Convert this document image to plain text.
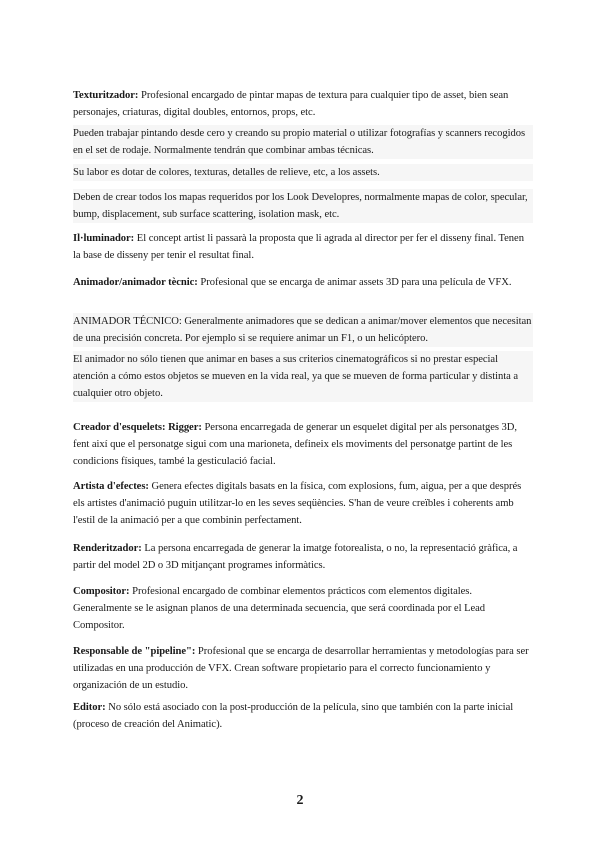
Texturitzador: Profesional encargado de pintar mapas de textura para cualquier tipo de asset, bien sean personajes, criaturas, digital doubles, entornos, props, etc.

Pueden trabajar pintando desde cero y creando su propio material o utilizar fotografías y scanners recogidos en el set de rodaje. Normalmente tendrán que combinar ambas técnicas.

Su labor es dotar de colores, texturas, detalles de relieve, etc, a los assets.

Deben de crear todos los mapas requeridos por los Look Developres, normalmente mapas de color, specular, bump, displacement, sub surface scattering, isolation mask, etc.

Il·luminador: El concept artist li passarà la proposta que li agrada al director per fer el disseny final. Tenen la base de disseny per tenir el resultat final.

Animador/animador tècnic: Profesional que se encarga de animar assets 3D para una película de VFX.

ANIMADOR TÉCNICO: Generalmente animadores que se dedican a animar/mover elementos que necesitan de una precisión concreta. Por ejemplo si se requiere animar un F1, o un helicóptero.

El animador no sólo tienen que animar en bases a sus criterios cinematográficos si no prestar especial atención a cómo estos objetos se mueven en la vida real, ya que se mueven de forma particular y distinta a cualquier otro objeto.

Creador d'esquelets: Rigger: Persona encarregada de generar un esquelet digital per als personatges 3D, fent així que el personatge sigui com una marioneta, defineix els moviments del personatge partint de les condicions físiques, també la gesticulació facial.

Artista d'efectes: Genera efectes digitals basats en la física, com explosions, fum, aigua, per a que després els artistes d'animació puguin utilitzar-lo en les seves seqüències. S'han de veure creïbles i coherents amb l'estil de la animació per a que combinin perfectament.

Renderitzador: La persona encarregada de generar la imatge fotorealista, o no, la representació gràfica, a partir del model 2D o 3D mitjançant programes informàtics.

Compositor: Profesional encargado de combinar elementos prácticos com elementos digitales. Generalmente se le asignan planos de una determinada secuencia, que será coordinada por el Lead Compositor.

Responsable de "pipeline": Profesional que se encarga de desarrollar herramientas y metodologías para ser utilizadas en una producción de VFX. Crean software propietario para el correcto funcionamiento y organización de un estudio.

Editor: No sólo está asociado con la post-producción de la película, sino que también con la parte inicial (proceso de creación del Animatic).

2
